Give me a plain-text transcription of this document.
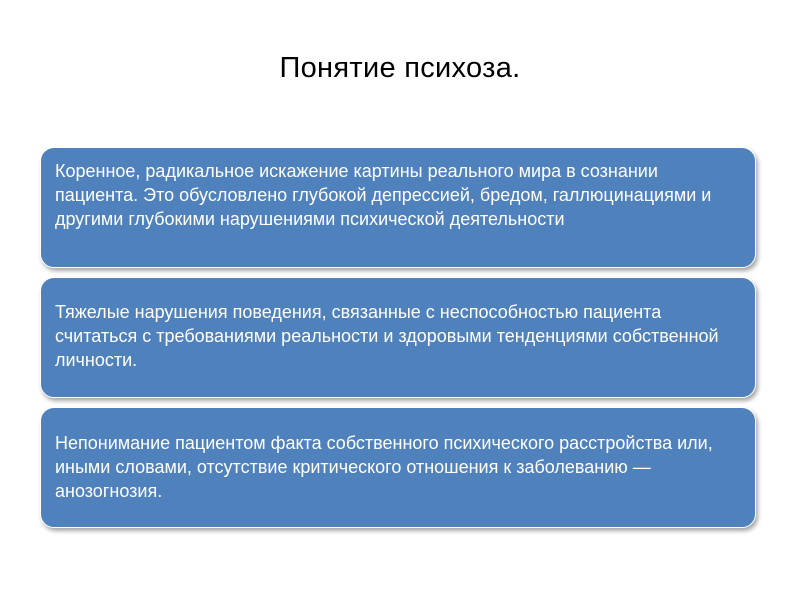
Понятие психоза.
Коренное, радикальное искажение картины реального мира в сознании пациента. Это обусловлено глубокой депрессией, бредом, галлюцинациями и другими глубокими нарушениями психической деятельности
Тяжелые нарушения поведения, связанные с неспособностью пациента считаться с требованиями реальности и здоровыми тенденциями собственной личности.
Непонимание пациентом факта собственного психического расстройства или, иными словами, отсутствие критического отношения к заболеванию — анозогнозия.
